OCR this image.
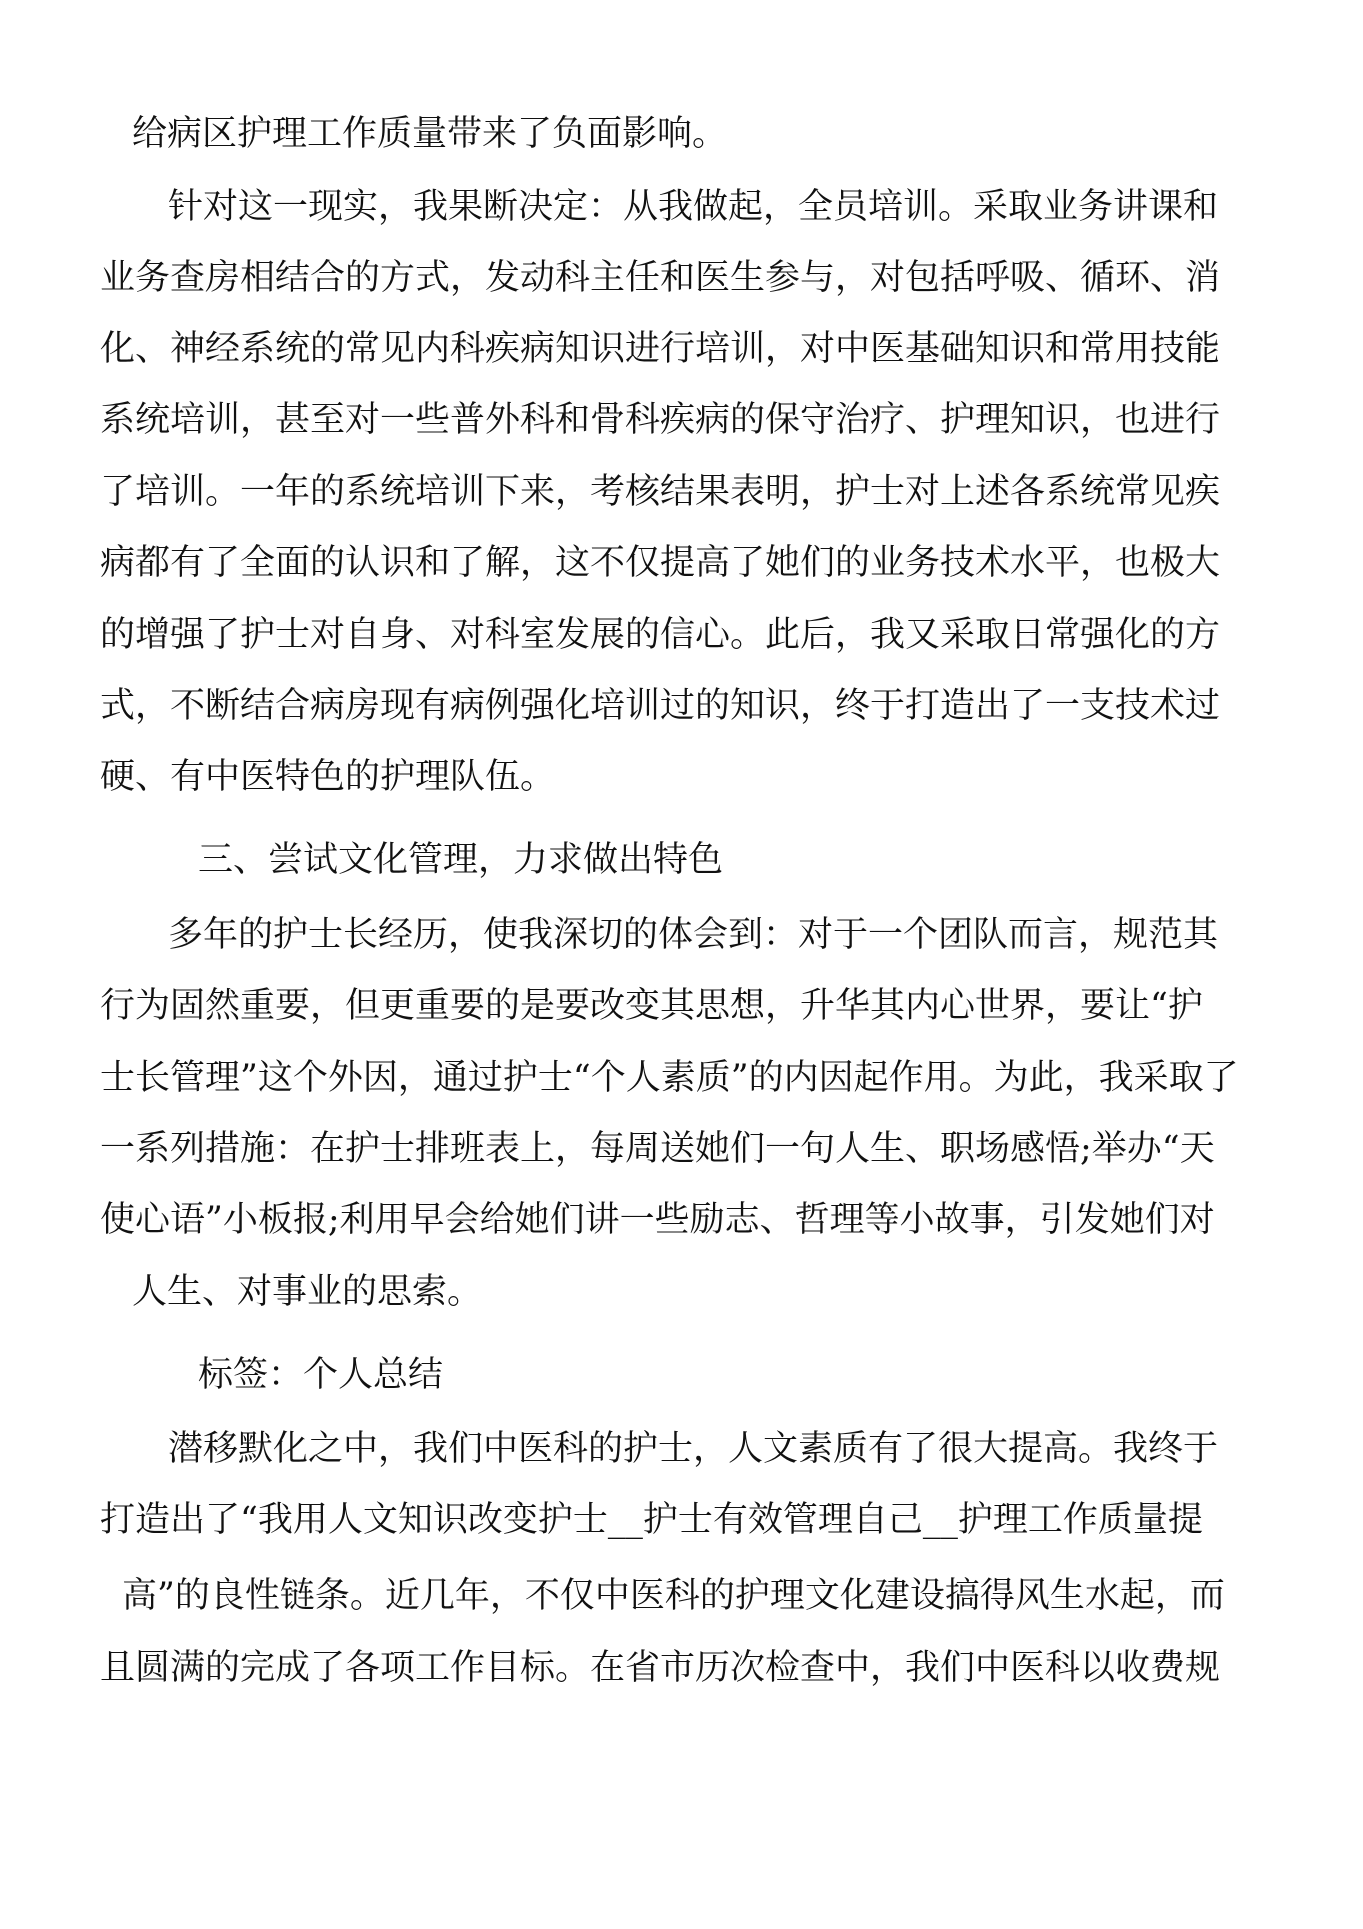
给病区护理工作质量带来了负面影响。
针对这一现实，我果断决定：从我做起，全员培训。采取业务讲课和
业务查房相结合的方式，发动科主任和医生参与，对包括呼吸、循环、消
化、神经系统的常见内科疾病知识进行培训，对中医基础知识和常用技能
系统培训，甚至对一些普外科和骨科疾病的保守治疗、护理知识，也进行
了培训。一年的系统培训下来，考核结果表明，护士对上述各系统常见疾
病都有了全面的认识和了解，这不仅提高了她们的业务技术水平，也极大
的增强了护士对自身、对科室发展的信心。此后，我又采取日常强化的方
式，不断结合病房现有病例强化培训过的知识，终于打造出了一支技术过
硬、有中医特色的护理队伍。
三、尝试文化管理，力求做出特色
多年的护士长经历，使我深切的体会到：对于一个团队而言，规范其
行为固然重要，但更重要的是要改变其思想，升华其内心世界，要让“护
士长管理”这个外因，通过护士“个人素质”的内因起作用。为此，我采取了
一系列措施：在护士排班表上，每周送她们一句人生、职场感悟;举办“天
使心语”小板报;利用早会给她们讲一些励志、哲理等小故事，引发她们对
人生、对事业的思索。
标签：个人总结
潜移默化之中，我们中医科的护士，人文素质有了很大提高。我终于
打造出了“我用人文知识改变护士__护士有效管理自己__护理工作质量提
高”的良性链条。近几年，不仅中医科的护理文化建设搞得风生水起，而
且圆满的完成了各项工作目标。在省市历次检查中，我们中医科以收费规
